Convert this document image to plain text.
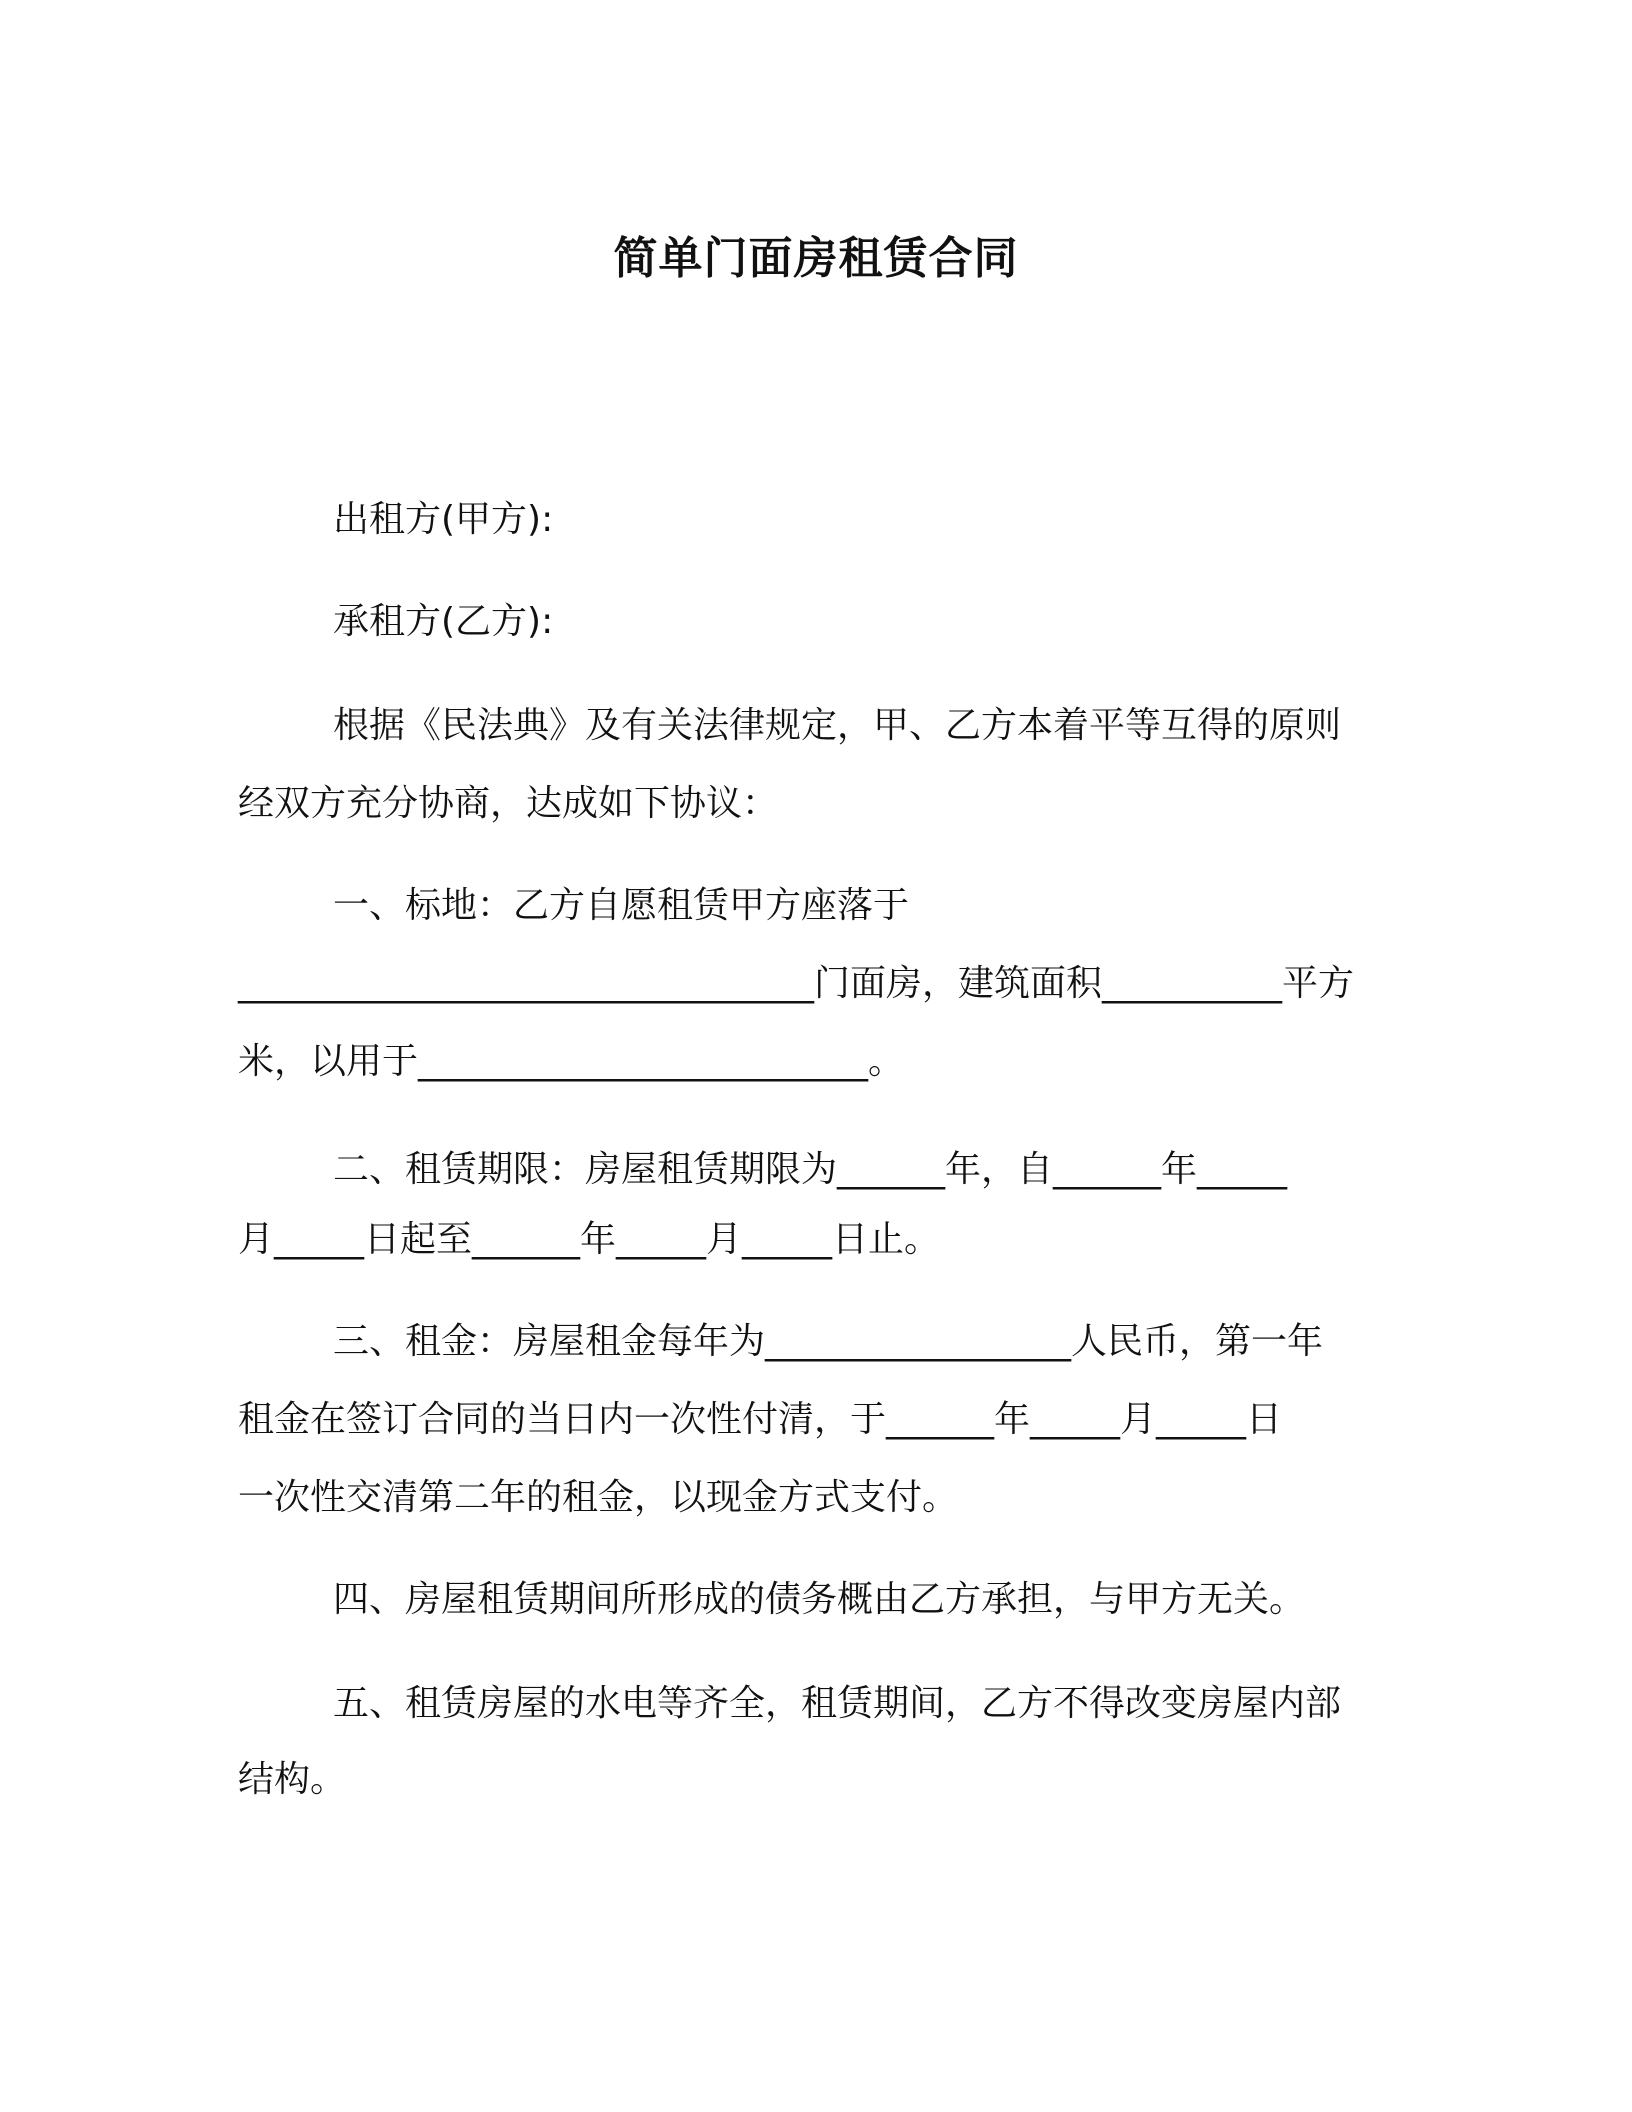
简单门面房租赁合同
出租方(甲方):
承租方(乙方):
根据《民法典》及有关法律规定，甲、乙方本着平等互得的原则
经双方充分协商，达成如下协议：
一、标地：乙方自愿租赁甲方座落于
________________________________门面房，建筑面积__________平方
米，以用于_________________________。
二、租赁期限：房屋租赁期限为______年，自______年_____
月_____日起至______年_____月_____日止。
三、租金：房屋租金每年为_________________人民币，第一年
租金在签订合同的当日内一次性付清，于______年_____月_____日
一次性交清第二年的租金，以现金方式支付。
四、房屋租赁期间所形成的债务概由乙方承担，与甲方无关。
五、租赁房屋的水电等齐全，租赁期间，乙方不得改变房屋内部
结构。
